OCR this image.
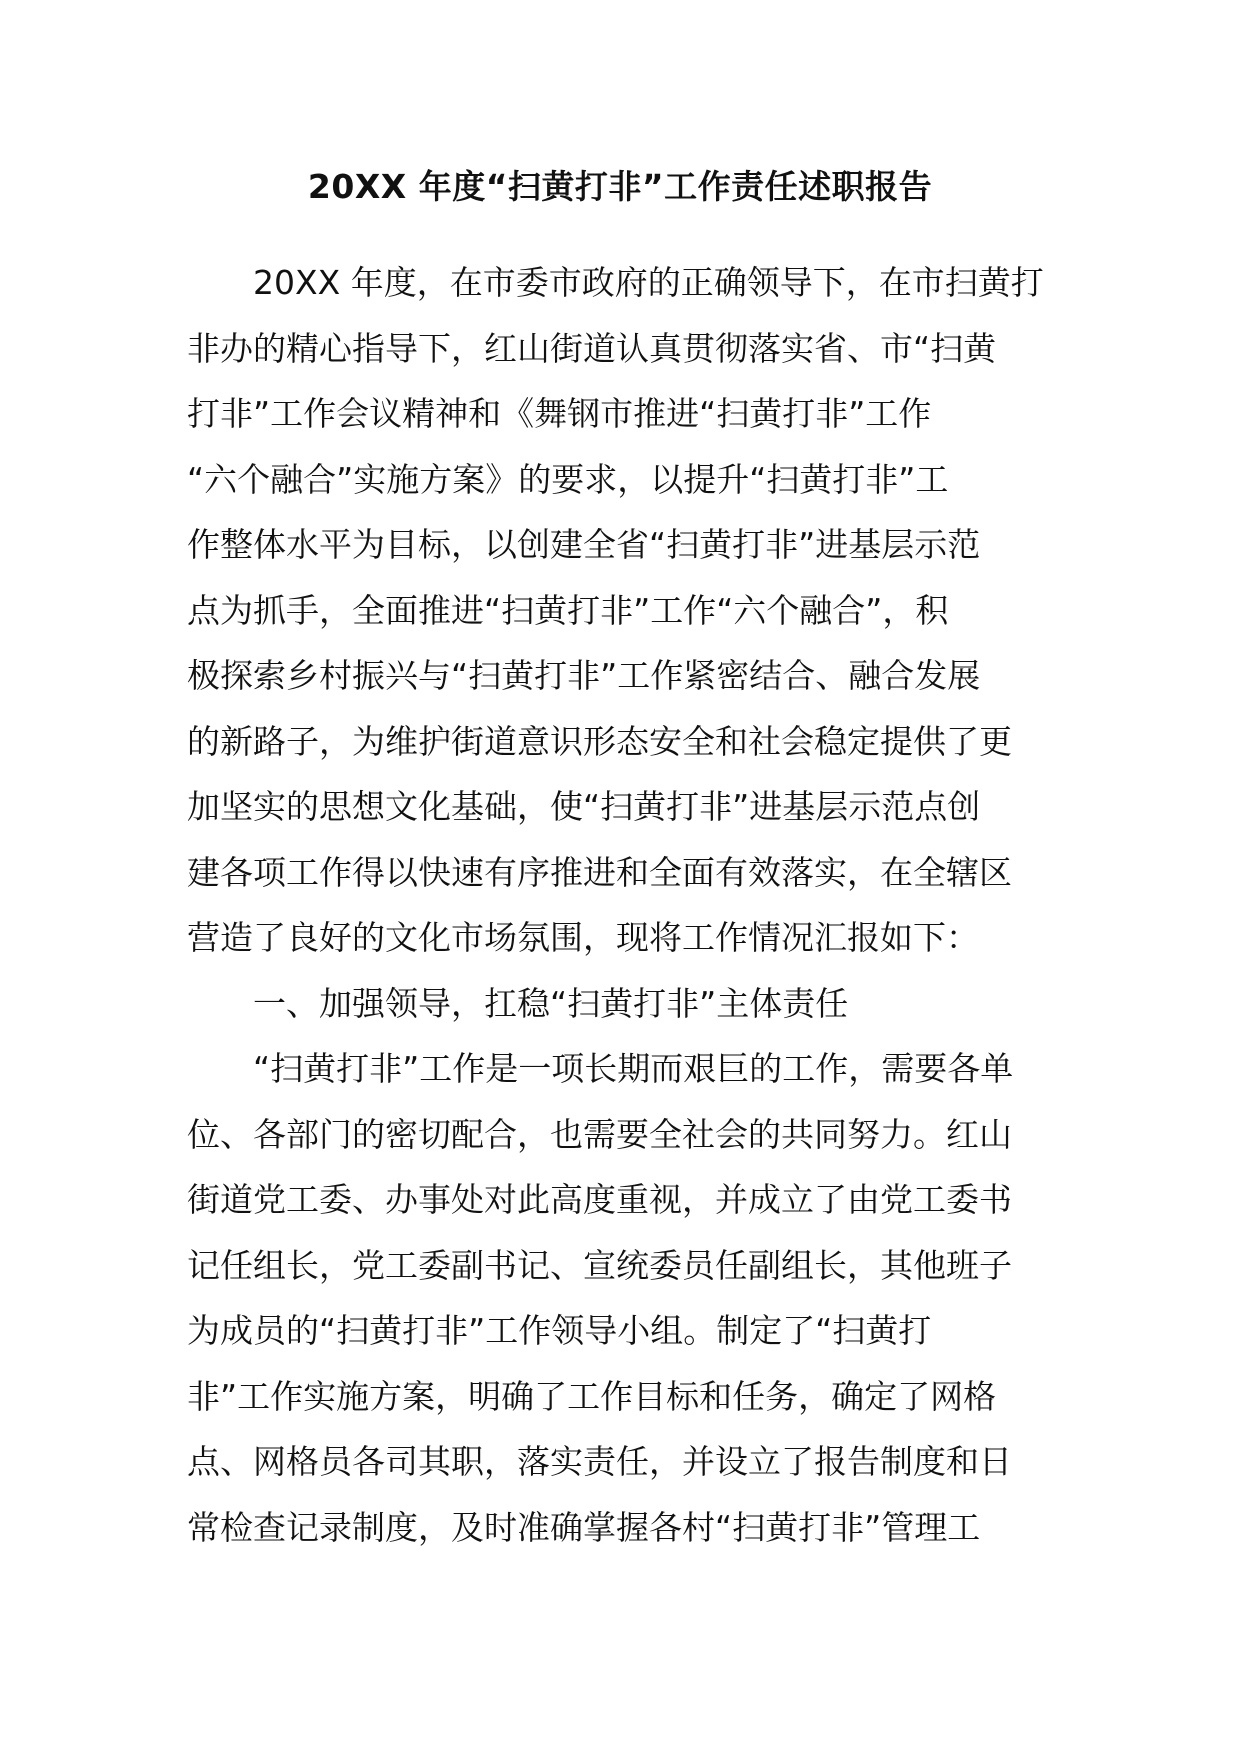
20XX 年度“扫黄打非”工作责任述职报告
20XX 年度，在市委市政府的正确领导下，在市扫黄打
非办的精心指导下，红山街道认真贯彻落实省、市“扫黄
打非”工作会议精神和《舞钢市推进“扫黄打非”工作
“六个融合”实施方案》的要求，以提升“扫黄打非”工
作整体水平为目标，以创建全省“扫黄打非”进基层示范
点为抓手，全面推进“扫黄打非”工作“六个融合”，积
极探索乡村振兴与“扫黄打非”工作紧密结合、融合发展
的新路子，为维护街道意识形态安全和社会稳定提供了更
加坚实的思想文化基础，使“扫黄打非”进基层示范点创
建各项工作得以快速有序推进和全面有效落实，在全辖区
营造了良好的文化市场氛围，现将工作情况汇报如下：
一、加强领导，扛稳“扫黄打非”主体责任
“扫黄打非”工作是一项长期而艰巨的工作，需要各单
位、各部门的密切配合，也需要全社会的共同努力。红山
街道党工委、办事处对此高度重视，并成立了由党工委书
记任组长，党工委副书记、宣统委员任副组长，其他班子
为成员的“扫黄打非”工作领导小组。制定了“扫黄打
非”工作实施方案，明确了工作目标和任务，确定了网格
点、网格员各司其职，落实责任，并设立了报告制度和日
常检查记录制度，及时准确掌握各村“扫黄打非”管理工
